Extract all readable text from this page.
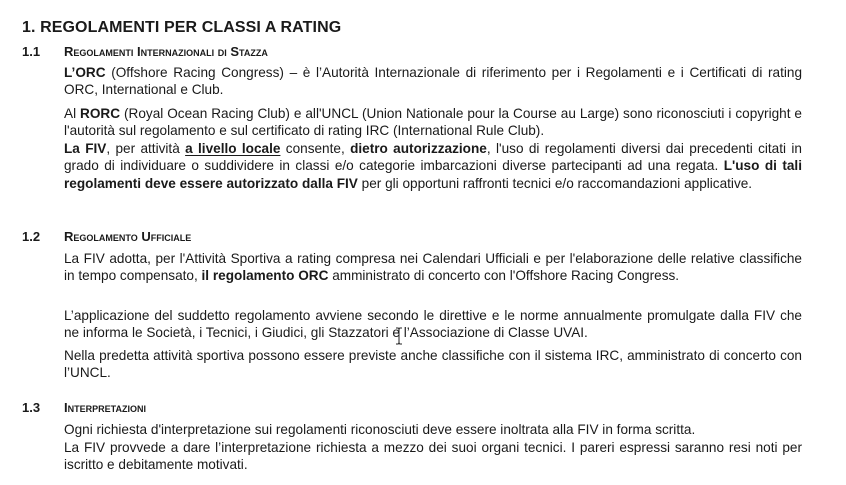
1. REGOLAMENTI PER CLASSI A RATING
1.1 Regolamenti Internazionali di Stazza

L’ORC (Offshore Racing Congress) – è l’Autorità Internazionale di riferimento per i Regolamenti e i Certificati di rating ORC, International e Club.

Al RORC (Royal Ocean Racing Club) e all'UNCL (Union Nationale pour la Course au Large) sono riconosciuti i copyright e l'autorità sul regolamento e sul certificato di rating IRC (International Rule Club).

La FIV, per attività a livello locale consente, dietro autorizzazione, l'uso di regolamenti diversi dai precedenti citati in grado di individuare o suddividere in classi e/o categorie imbarcazioni diverse partecipanti ad una regata. L'uso di tali regolamenti deve essere autorizzato dalla FIV per gli opportuni raffronti tecnici e/o raccomandazioni applicative.

1.2 Regolamento Ufficiale

La FIV adotta, per l'Attività Sportiva a rating compresa nei Calendari Ufficiali e per l'elaborazione delle relative classifiche in tempo compensato, il regolamento ORC amministrato di concerto con l'Offshore Racing Congress.

L’applicazione del suddetto regolamento avviene secondo le direttive e le norme annualmente promulgate dalla FIV che ne informa le Società, i Tecnici, i Giudici, gli Stazzatori e l’Associazione di Classe UVAI.

Nella predetta attività sportiva possono essere previste anche classifiche con il sistema IRC, amministrato di concerto con l’UNCL.

1.3 Interpretazioni

Ogni richiesta d'interpretazione sui regolamenti riconosciuti deve essere inoltrata alla FIV in forma scritta.

La FIV provvede a dare l’interpretazione richiesta a mezzo dei suoi organi tecnici. I pareri espressi saranno resi noti per iscritto e debitamente motivati.
